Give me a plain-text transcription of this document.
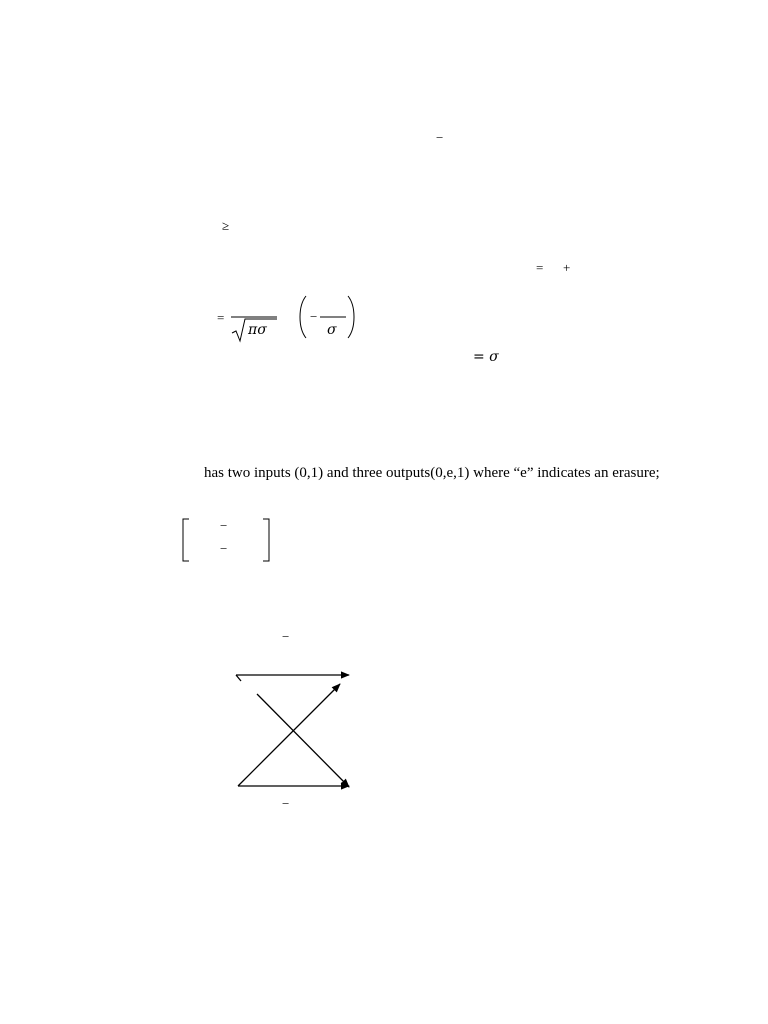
−
≥
= +
=
πσ
−
σ
= σ
has two inputs (0,1) and three outputs(0,e,1) where “e” indicates an erasure;
−
−
−
−
